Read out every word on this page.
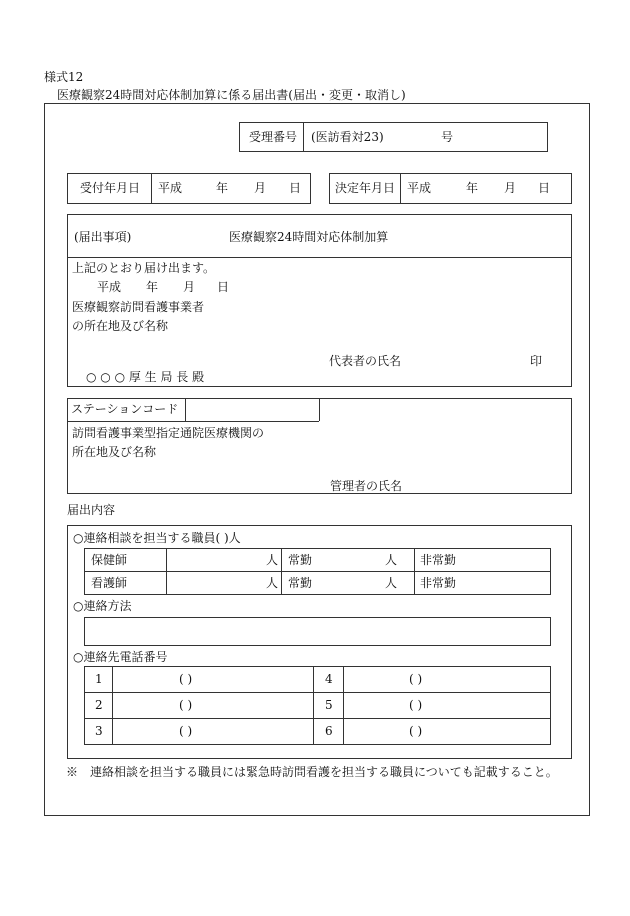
様式12
医療観察24時間対応体制加算に係る届出書(届出・変更・取消し)
受理番号 (医訪看対23)	号
受付年月日 平成	年 月 日	決定年月日 平成	年 月 日
(届出事項)	医療観察24時間対応体制加算
上記のとおり届け出ます。
平成 年 月 日
医療観察訪問看護事業者
の所在地及び名称
代表者の氏名	印
○ ○ ○ 厚 生 局 長 殿
ステーションコード
訪問看護事業型指定通院医療機関の
所在地及び名称
管理者の氏名
届出内容
○連絡相談を担当する職員( )人
保健師	人 常勤	人 非常勤
看護師	人 常勤	人 非常勤
○連絡方法
○連絡先電話番号
1	( )	4	( )
2	( )	5	( )
3	( )	6	( )
※　連絡相談を担当する職員には緊急時訪問看護を担当する職員についても記載すること。
